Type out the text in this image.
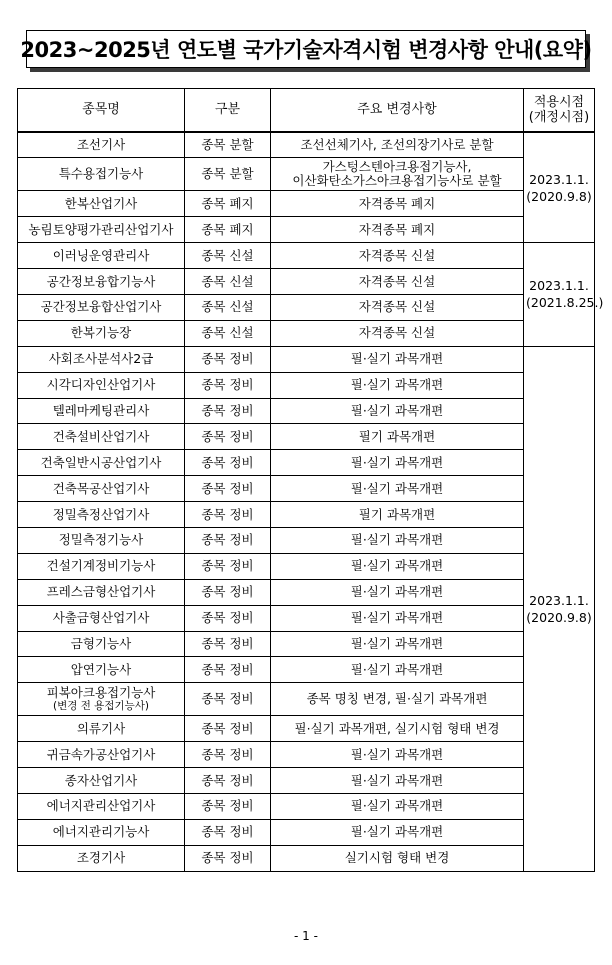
2023~2025년 연도별 국가기술자격시험 변경사항 안내(요약)
종목명	구분	주요 변경사항	적용시점
(개정시점)
조선기사	종목 분할	조선선체기사, 조선의장기사로 분할	2023.1.1.
(2020.9.8)
특수용접기능사	종목 분할	가스텅스텐아크용접기능사,
이산화탄소가스아크용접기능사로 분할	
한복산업기사	종목 폐지	자격종목 폐지	
농림토양평가관리산업기사	종목 폐지	자격종목 폐지	
이러닝운영관리사	종목 신설	자격종목 신설	2023.1.1.
(2021.8.25.)
공간정보융합기능사	종목 신설	자격종목 신설	
공간정보융합산업기사	종목 신설	자격종목 신설	
한복기능장	종목 신설	자격종목 신설	
사회조사분석사2급	종목 정비	필·실기 과목개편	2023.1.1.
(2020.9.8)
시각디자인산업기사	종목 정비	필·실기 과목개편	
텔레마케팅관리사	종목 정비	필·실기 과목개편	
건축설비산업기사	종목 정비	필기 과목개편	
건축일반시공산업기사	종목 정비	필·실기 과목개편	
건축목공산업기사	종목 정비	필·실기 과목개편	
정밀측정산업기사	종목 정비	필기 과목개편	
정밀측정기능사	종목 정비	필·실기 과목개편	
건설기계정비기능사	종목 정비	필·실기 과목개편	
프레스금형산업기사	종목 정비	필·실기 과목개편	
사출금형산업기사	종목 정비	필·실기 과목개편	
금형기능사	종목 정비	필·실기 과목개편	
압연기능사	종목 정비	필·실기 과목개편	
피복아크용접기능사
(변경 전 용접기능사)	종목 정비	종목 명칭 변경, 필·실기 과목개편	
의류기사	종목 정비	필·실기 과목개편, 실기시험 형태 변경	
귀금속가공산업기사	종목 정비	필·실기 과목개편	
종자산업기사	종목 정비	필·실기 과목개편	
에너지관리산업기사	종목 정비	필·실기 과목개편	
에너지관리기능사	종목 정비	필·실기 과목개편	
조경기사	종목 정비	실기시험 형태 변경	
- 1 -
